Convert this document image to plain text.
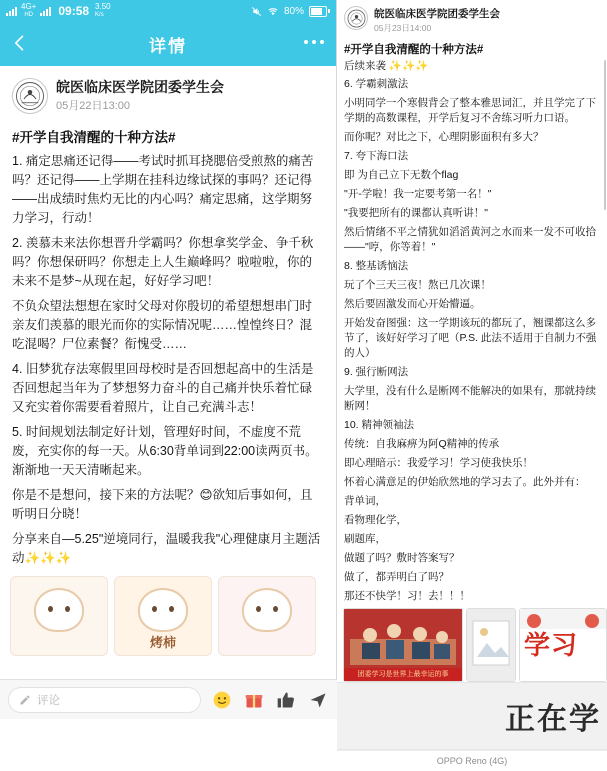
4G+
HD 09:58 3.50
K/s	80%
详情
皖医临床医学院团委学生会
05月22日13:00
#开学自我清醒的十种方法#
1. 痛定思痛还记得——考试时抓耳挠腮倍受煎熬的痛苦吗？还记得——上学期在挂科边缘试探的事吗？还记得——出成绩时焦灼无比的内心吗？痛定思痛，这学期努力学习，行动！
2. 羡慕未来法你想晋升学霸吗？你想拿奖学金、争千秋吗？你想保研吗？你想走上人生巅峰吗？啦啦啦，你的未来不是梦~从现在起，好好学习吧！
不负众望法想想在家时父母对你殷切的希望想想串门时亲友们羡慕的眼光而你的实际情况呢……惶惶终日？混吃混喝？尸位素餐？衔愧受……
4. 旧梦犹存法寒假里回母校时是否回想起高中的生活是否回想起当年为了梦想努力奋斗的自己痛并快乐着忙碌又充实着你需要看着照片，让自己充满斗志！
5. 时间规划法制定好计划，管理好时间，不虚度不荒废，充实你的每一天。从6:30背单词到22:00读两页书。渐渐地一天天清晰起来。
你是不是想问，接下来的方法呢？😊欲知后事如何，且听明日分晓！
分享来自—5.25"逆境同行，温暖我我"心理健康月主题活动✨✨✨
烤柿
评论
皖医临床医学院团委学生会
05月23日14:00
#开学自我清醒的十种方法#
后续来袭 ✨✨✨
6. 学霸刺激法
小明同学一个寒假背会了整本雅思词汇，并且学完了下学期的高数课程，开学后复习不舍练习听力口语。
而你呢？对比之下，心理阴影面积有多大？
7. 夸下海口法
即 为自己立下无数个flag
"开-学啦！我一定要考第一名！"
"我要把所有的课都认真听讲！"
然后情绪不平之情犹如滔滔黄河之水而来一发不可收拾——"哼，你等着！"
8. 整基诱恼法
玩了个三天三夜！熬已几次课！
然后要固激发而心开始懵逼。
开始发奋图强：这一学期该玩的都玩了，翘课都这么多节了，该好好学习了吧（P.S. 此法不适用于自制力不强的人）
9. 强行断网法
大学里，没有什么是断网不能解决的如果有，那就持续断网！
10. 精神领袖法
传统：自我麻痹为阿Q精神的传承
即心理暗示：我爱学习！学习使我快乐！
怀着心满意足的伊始欣然地的学习去了。此外并有：
背单词，
看物理化学，
刷题库，
做题了吗？敷时答案写？
做了，都弄明白了吗？
那还不快学！习！去！！！
团委学习是世界上最幸运的事
学习
正在学
OPPO Reno (4G)
